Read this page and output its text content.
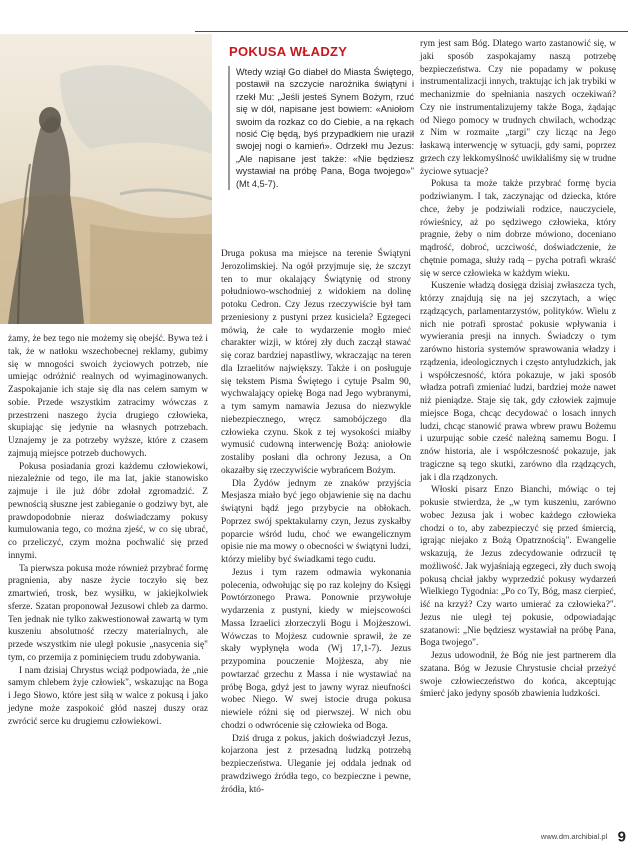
POKUSA WŁADZY
Wtedy wziął Go diabeł do Miasta Świętego, postawił na szczycie narożnika świątyni i rzekł Mu: „Jeśli jesteś Synem Bożym, rzuć się w dół, napisane jest bowiem: «Aniołom swoim da rozkaz co do Ciebie, a na rękach nosić Cię będą, byś przypadkiem nie uraził swojej nogi o kamień». Odrzekł mu Jezus: „Ale napisane jest także: «Nie będziesz wystawiał na próbę Pana, Boga twojego»" (Mt 4,5-7).

żamy, że bez tego nie możemy się obejść. Bywa też i tak, że w natłoku wszechobecnej reklamy, gubimy się w mnogości swoich życiowych potrzeb, nie umiejąc odróżnić realnych od wyimaginowanych. Zaspokajanie ich staje się dla nas celem samym w sobie. Przede wszystkim zatracimy wówczas z przestrzeni naszego życia drugiego człowieka, skupiając się jedynie na własnych potrzebach. Uznajemy je za potrzeby wyższe, które z czasem zajmują miejsce potrzeb duchowych.

Pokusa posiadania grozi każdemu człowiekowi, niezależnie od tego, ile ma lat, jakie stanowisko zajmuje i ile już dóbr zdołał zgromadzić. Z pewnością słuszne jest zabieganie o godziwy byt, ale prawdopodobnie nieraz doświadczamy pokusy kumulowania tego, co można zjeść, w co się ubrać, co przeliczyć, czym można pochwalić się przed innymi.

Ta pierwsza pokusa może również przybrać formę pragnienia, aby nasze życie toczyło się bez zmartwień, trosk, bez wysiłku, w jakiejkolwiek sferze. Szatan proponował Jezusowi chleb za darmo. Ten jednak nie tylko zakwestionował zawartą w tym kuszeniu absolutność rzeczy materialnych, ale przede wszystkim nie uległ pokusie „nasycenia się" tym, co przemija z pominięciem trudu zdobywania.

I nam dzisiaj Chrystus wciąż podpowiada, że „nie samym chlebem żyje człowiek", wskazując na Boga i Jego Słowo, które jest siłą w walce z pokusą i jako jedyne może zaspokoić głód naszej duszy oraz zwrócić serce ku drugiemu człowiekowi.

Druga pokusa ma miejsce na terenie Świątyni Jerozolimskiej. Na ogół przyjmuje się, że szczyt ten to mur okalający Świątynię od strony południowo-wschodniej z widokiem na dolinę potoku Cedron. Czy Jezus rzeczywiście był tam przeniesiony z pustyni przez kusiciela? Egzegeci mówią, że całe to wydarzenie mogło mieć charakter wizji, w której zły duch zaczął stawać się coraz bardziej napastliwy, wkraczając na teren dla Izraelitów największy. Także i on posługuje się tekstem Pisma Świętego i cytuje Psalm 90, wychwalający opiekę Boga nad Jego wybranymi, a tym samym namawia Jezusa do niezwykle niebezpiecznego, wręcz samobójczego dla człowieka czynu. Skok z tej wysokości miałby wymusić cudowną interwencję Bożą: aniołowie zostaliby posłani dla ochrony Jezusa, a On okazałby się rzeczywiście wybrańcem Bożym.

Dla Żydów jednym ze znaków przyjścia Mesjasza miało być jego objawienie się na dachu świątyni bądź jego przybycie na obłokach. Poprzez swój spektakularny czyn, Jezus zyskałby poparcie wśród ludu, choć we ewangelicznym opisie nie ma mowy o obecności w świątyni ludzi, którzy mieliby być świadkami tego cudu.

Jezus i tym razem odmawia wykonania polecenia, odwołując się po raz kolejny do Księgi Powtórzonego Prawa. Ponownie przywołuje wydarzenia z pustyni, kiedy w miejscowości Massa Izraelici złorzeczyli Bogu i Mojżeszowi. Wówczas to Mojżesz cudownie sprawił, że ze skały wypłynęła woda (Wj 17,1-7). Jezus przypomina pouczenie Mojżesza, aby nie powtarzać grzechu z Massa i nie wystawiać na próbę Boga, gdyż jest to jawny wyraz nieufności wobec Niego. W swej istocie druga pokusa niewiele różni się od pierwszej. W nich obu chodzi o odwrócenie się człowieka od Boga.

Dziś druga z pokus, jakich doświadczył Jezus, kojarzona jest z przesadną ludzką potrzebą bezpieczeństwa. Uleganie jej oddala jednak od prawdziwego źródła tego, co bezpieczne i pewne, źródła, któ-

rym jest sam Bóg. Dlatego warto zastanowić się, w jaki sposób zaspokajamy naszą potrzebę bezpieczeństwa. Czy nie popadamy w pokusę instrumentalizacji innych, traktując ich jak trybiki w mechanizmie do spełniania naszych oczekiwań? Czy nie instrumentalizujemy także Boga, żądając od Niego pomocy w trudnych chwilach, wchodząc z Nim w rozmaite „targi" czy licząc na Jego łaskawą interwencję w sytuacji, gdy sami, poprzez grzech czy lekkomyślność uwikłaliśmy się w trudne życiowe sytuacje?

Pokusa ta może także przybrać formę bycia podziwianym. I tak, zaczynając od dziecka, które chce, żeby je podziwiali rodzice, nauczyciele, rówieśnicy, aż po sędziwego człowieka, który pragnie, żeby o nim dobrze mówiono, doceniano mądrość, dobroć, uczciwość, doświadczenie, że chętnie pomaga, służy radą – pycha potrafi wkraść się w serce człowieka w każdym wieku.

Kuszenie władzą dosięga dzisiaj zwłaszcza tych, którzy znajdują się na jej szczytach, a więc rządzących, parlamentarzystów, polityków. Wielu z nich nie potrafi sprostać pokusie wpływania i wywierania presji na innych. Świadczy o tym zarówno historia systemów sprawowania władzy i rządzenia, ideologicznych i często antyludzkich, jak i współczesność, która pokazuje, w jaki sposób władza potrafi zmieniać ludzi, bardziej może nawet niż pieniądze. Staje się tak, gdy człowiek zajmuje miejsce Boga, chcąc decydować o losach innych ludzi, chcąc stanowić prawa wbrew prawu Bożemu i uzurpując sobie cześć należną samemu Bogu. I znów historia, ale i współczesność pokazuje, jak tragiczne są tego skutki, zarówno dla rządzących, jak i dla rządzonych.

Włoski pisarz Enzo Bianchi, mówiąc o tej pokusie stwierdza, że „w tym kuszeniu, zarówno wobec Jezusa jak i wobec każdego człowieka chodzi o to, aby zabezpieczyć się przed śmiercią, igrając niejako z Bożą Opatrznością". Ewangelie wskazują, że Jezus zdecydowanie odrzucił tę możliwość. Jak wyjaśniają egzegeci, zły duch swoją pokusą chciał jakby wyprzedzić pokusy wydarzeń Wielkiego Tygodnia: „Po co Ty, Bóg, masz cierpieć, iść na krzyż? Czy warto umierać za człowieka?". Jezus nie uległ tej pokusie, odpowiadając szatanowi: „Nie będziesz wystawiał na próbę Pana, Boga twojego".

Jezus udowodnił, że Bóg nie jest partnerem dla szatana. Bóg w Jezusie Chrystusie chciał przeżyć swoje człowieczeństwo do końca, akceptując śmierć jako jedyny sposób zbawienia ludzkości.

www.dm.archibial.pl 9
